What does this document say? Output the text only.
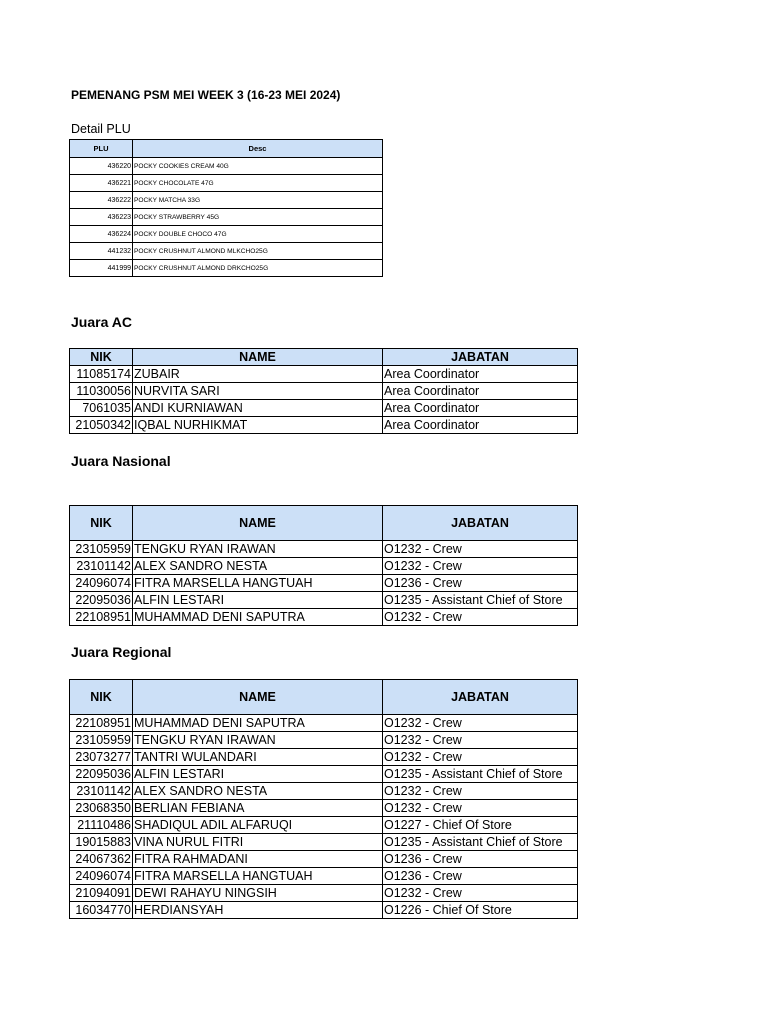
PEMENANG PSM MEI WEEK 3 (16-23 MEI 2024)
Detail PLU
PLU	Desc
436220	POCKY COOKIES CREAM 40G
436221	POCKY CHOCOLATE 47G
436222	POCKY MATCHA 33G
436223	POCKY STRAWBERRY 45G
436224	POCKY DOUBLE CHOCO 47G
441232	POCKY CRUSHNUT ALMOND MLKCHO25G
441999	POCKY CRUSHNUT ALMOND DRKCHO25G
Juara AC
NIK	NAME	JABATAN
11085174	ZUBAIR	Area Coordinator
11030056	NURVITA SARI	Area Coordinator
7061035	ANDI KURNIAWAN	Area Coordinator
21050342	IQBAL NURHIKMAT	Area Coordinator
Juara Nasional
NIK	NAME	JABATAN
23105959	TENGKU RYAN IRAWAN	O1232 - Crew
23101142	ALEX SANDRO NESTA	O1232 - Crew
24096074	FITRA MARSELLA HANGTUAH	O1236 - Crew
22095036	ALFIN LESTARI	O1235 - Assistant Chief of Store
22108951	MUHAMMAD DENI SAPUTRA	O1232 - Crew
Juara Regional
NIK	NAME	JABATAN
22108951	MUHAMMAD DENI SAPUTRA	O1232 - Crew
23105959	TENGKU RYAN IRAWAN	O1232 - Crew
23073277	TANTRI WULANDARI	O1232 - Crew
22095036	ALFIN LESTARI	O1235 - Assistant Chief of Store
23101142	ALEX SANDRO NESTA	O1232 - Crew
23068350	BERLIAN FEBIANA	O1232 - Crew
21110486	SHADIQUL ADIL ALFARUQI	O1227 - Chief Of Store
19015883	VINA NURUL FITRI	O1235 - Assistant Chief of Store
24067362	FITRA RAHMADANI	O1236 - Crew
24096074	FITRA MARSELLA HANGTUAH	O1236 - Crew
21094091	DEWI RAHAYU NINGSIH	O1232 - Crew
16034770	HERDIANSYAH	O1226 - Chief Of Store
